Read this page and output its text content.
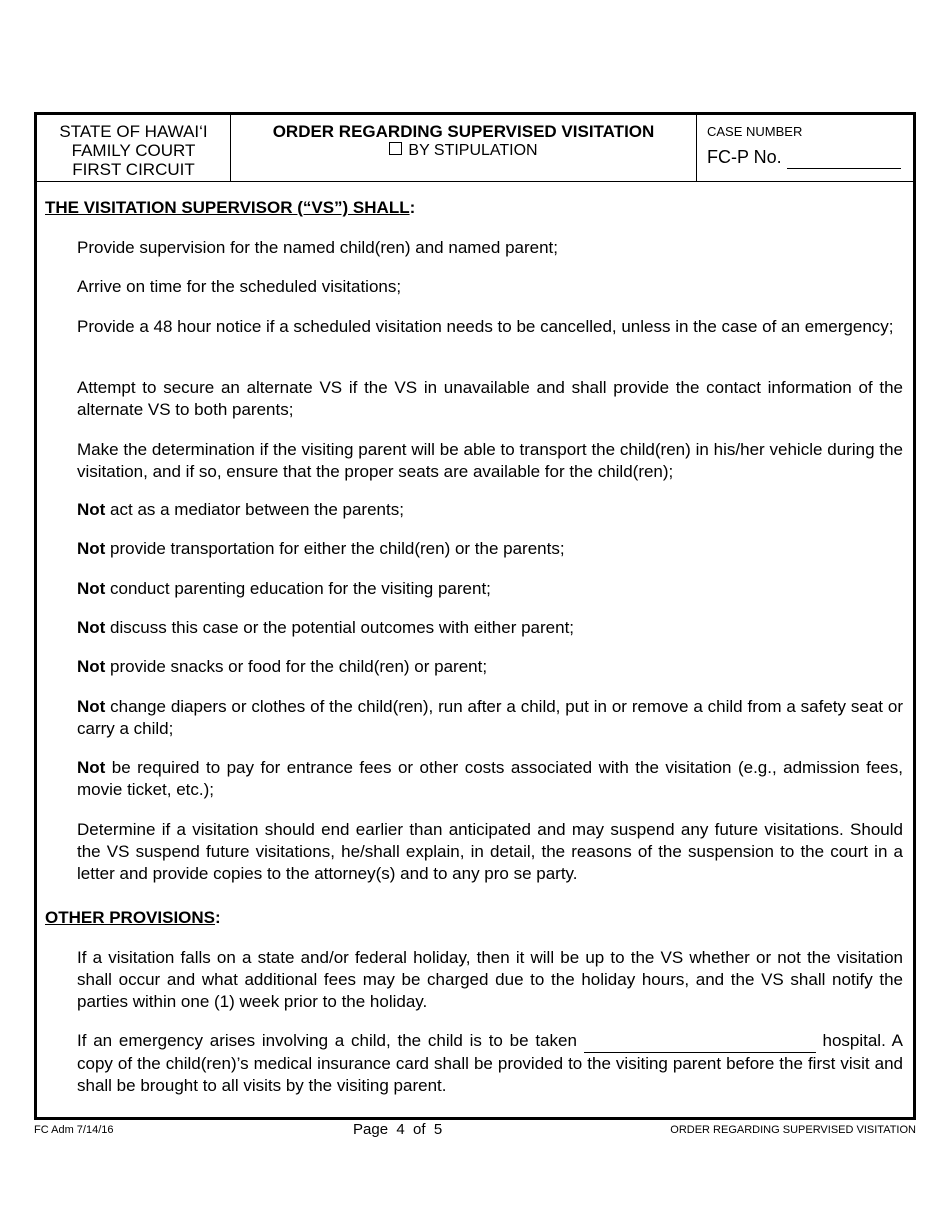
STATE OF HAWAI‘I
FAMILY COURT
FIRST CIRCUIT
ORDER REGARDING SUPERVISED VISITATION
BY STIPULATION
CASE NUMBER
FC-P No.
THE VISITATION SUPERVISOR (“VS”) SHALL:

Provide supervision for the named child(ren) and named parent;

Arrive on time for the scheduled visitations;

Provide a 48 hour notice if a scheduled visitation needs to be cancelled, unless in the case of an emergency;

Attempt to secure an alternate VS if the VS in unavailable and shall provide the contact information of the alternate VS to both parents;

Make the determination if the visiting parent will be able to transport the child(ren) in his/her vehicle during the visitation, and if so, ensure that the proper seats are available for the child(ren);

Not act as a mediator between the parents;

Not provide transportation for either the child(ren) or the parents;

Not conduct parenting education for the visiting parent;

Not discuss this case or the potential outcomes with either parent;

Not provide snacks or food for the child(ren) or parent;

Not change diapers or clothes of the child(ren), run after a child, put in or remove a child from a safety seat or carry a child;

Not be required to pay for entrance fees or other costs associated with the visitation (e.g., admission fees, movie ticket, etc.);

Determine if a visitation should end earlier than anticipated and may suspend any future visitations. Should the VS suspend future visitations, he/shall explain, in detail, the reasons of the suspension to the court in a letter and provide copies to the attorney(s) and to any pro se party.

OTHER PROVISIONS:

If a visitation falls on a state and/or federal holiday, then it will be up to the VS whether or not the visitation shall occur and what additional fees may be charged due to the holiday hours, and the VS shall notify the parties within one (1) week prior to the holiday.

If an emergency arises involving a child, the child is to be taken	hospital. A copy of the child(ren)’s medical insurance card shall be provided to the visiting parent before the first visit and shall be brought to all visits by the visiting parent.

FC Adm 7/14/16	Page  4  of  5	ORDER REGARDING SUPERVISED VISITATION
